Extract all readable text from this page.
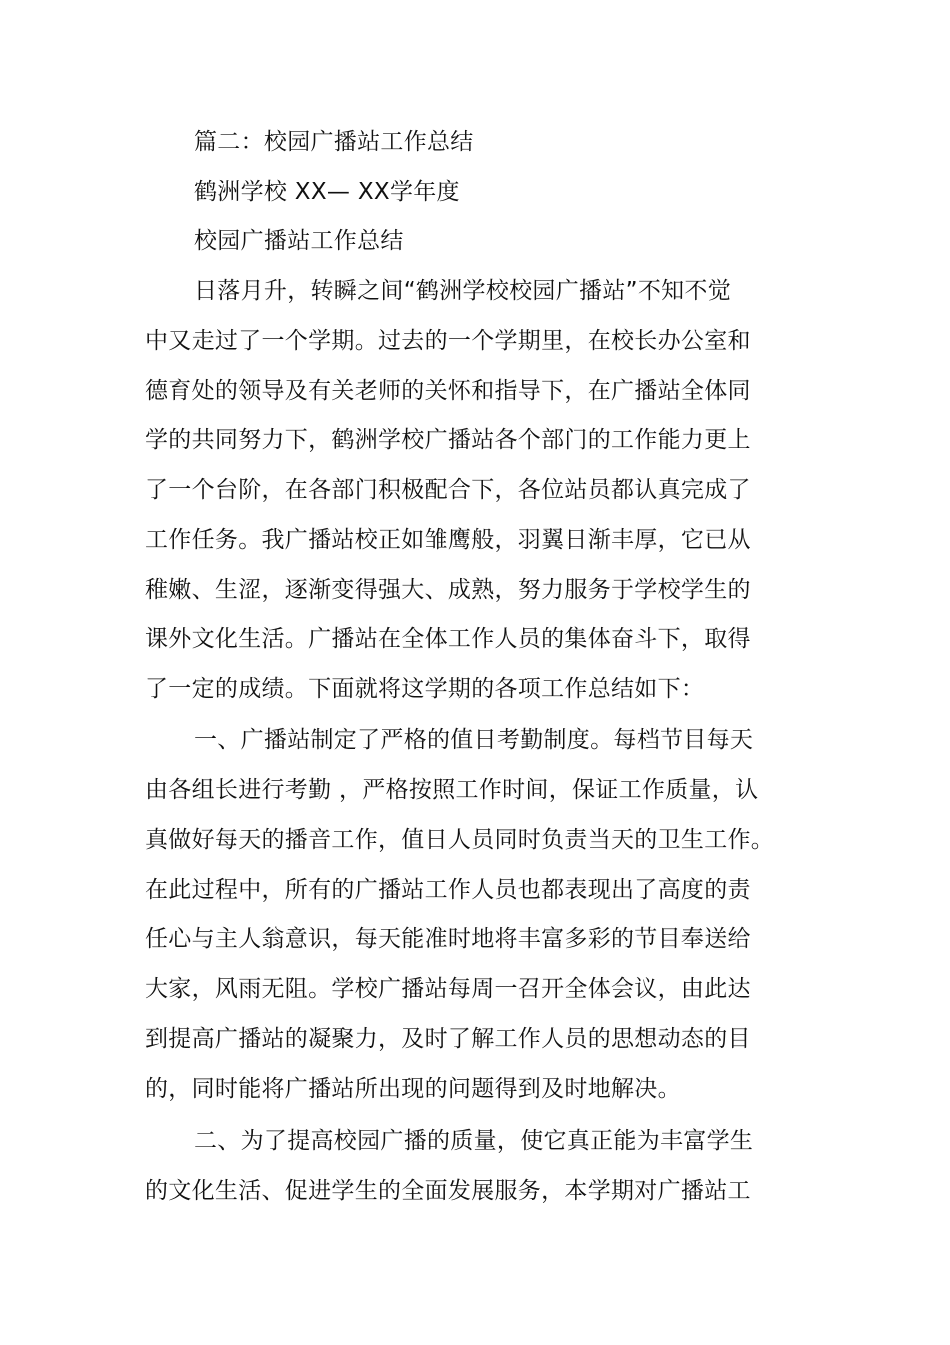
篇二：校园广播站工作总结
鹤洲学校 XX— XX学年度
校园广播站工作总结
日落月升，转瞬之间“鹤洲学校校园广播站”不知不觉
中又走过了一个学期。过去的一个学期里，在校长办公室和
德育处的领导及有关老师的关怀和指导下，在广播站全体同
学的共同努力下，鹤洲学校广播站各个部门的工作能力更上
了一个台阶，在各部门积极配合下，各位站员都认真完成了
工作任务。我广播站校正如雏鹰般，羽翼日渐丰厚，它已从
稚嫩、生涩，逐渐变得强大、成熟，努力服务于学校学生的
课外文化生活。广播站在全体工作人员的集体奋斗下，取得
了一定的成绩。下面就将这学期的各项工作总结如下：
一、广播站制定了严格的值日考勤制度。每档节目每天
由各组长进行考勤 ，严格按照工作时间，保证工作质量，认
真做好每天的播音工作，值日人员同时负责当天的卫生工作。
在此过程中，所有的广播站工作人员也都表现出了高度的责
任心与主人翁意识，每天能准时地将丰富多彩的节目奉送给
大家，风雨无阻。学校广播站每周一召开全体会议，由此达
到提高广播站的凝聚力，及时了解工作人员的思想动态的目
的，同时能将广播站所出现的问题得到及时地解决。
二、为了提高校园广播的质量，使它真正能为丰富学生
的文化生活、促进学生的全面发展服务，本学期对广播站工
